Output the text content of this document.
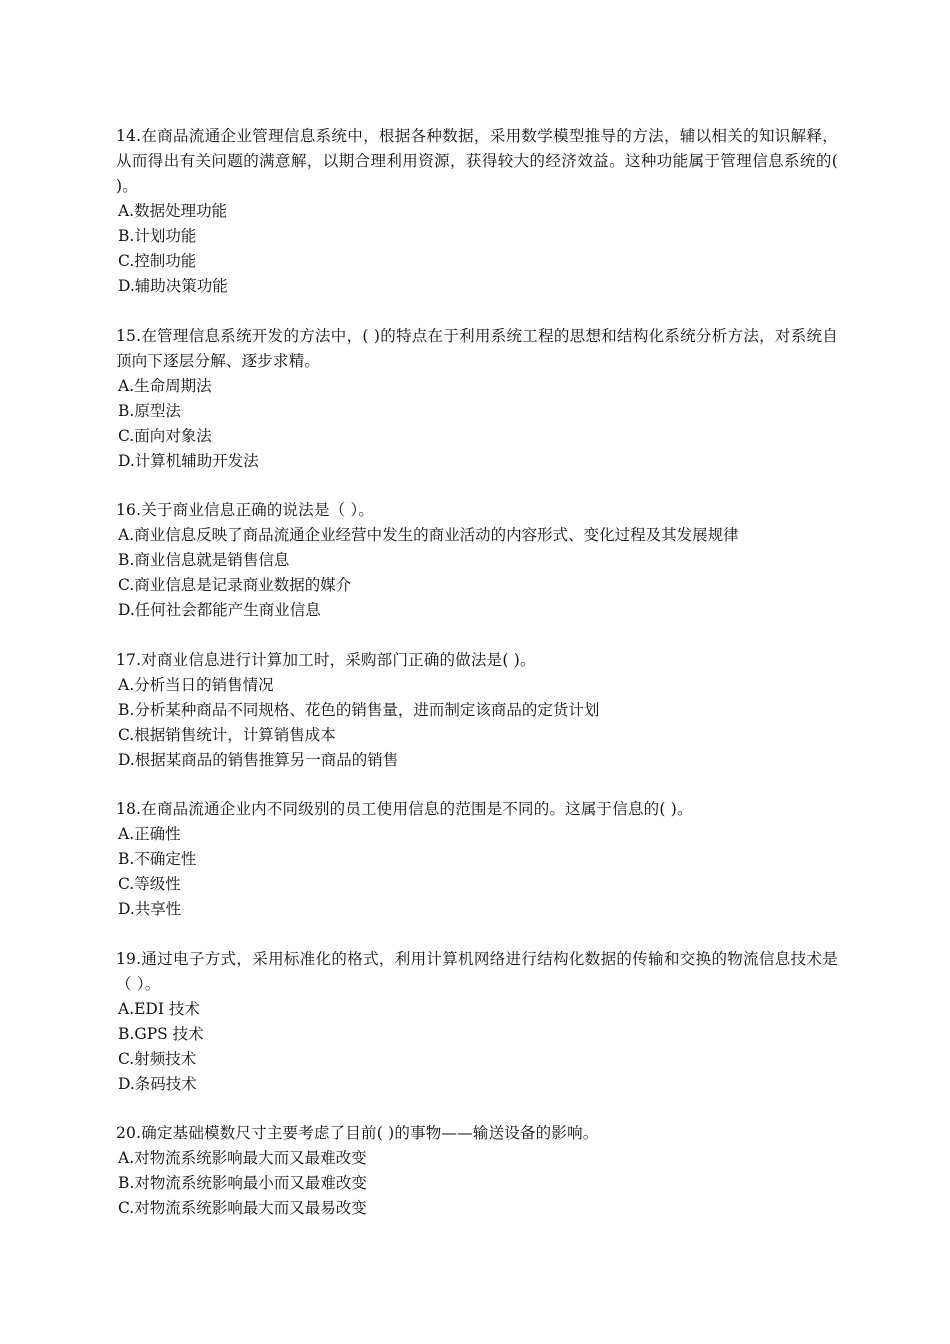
14.在商品流通企业管理信息系统中，根据各种数据，采用数学模型推导的方法，辅以相关的知识解释，从而得出有关问题的满意解，以期合理利用资源，获得较大的经济效益。这种功能属于管理信息系统的( )。

A.数据处理功能

B.计划功能

C.控制功能

D.辅助决策功能

15.在管理信息系统开发的方法中，( )的特点在于利用系统工程的思想和结构化系统分析方法，对系统自顶向下逐层分解、逐步求精。

A.生命周期法

B.原型法

C.面向对象法

D.计算机辅助开发法

16.关于商业信息正确的说法是（ ）。

A.商业信息反映了商品流通企业经营中发生的商业活动的内容形式、变化过程及其发展规律

B.商业信息就是销售信息

C.商业信息是记录商业数据的媒介

D.任何社会都能产生商业信息

17.对商业信息进行计算加工时，采购部门正确的做法是( )。

A.分析当日的销售情况

B.分析某种商品不同规格、花色的销售量，进而制定该商品的定货计划

C.根据销售统计，计算销售成本

D.根据某商品的销售推算另一商品的销售

18.在商品流通企业内不同级别的员工使用信息的范围是不同的。这属于信息的( )。

A.正确性

B.不确定性

C.等级性

D.共享性

19.通过电子方式，采用标准化的格式，利用计算机网络进行结构化数据的传输和交换的物流信息技术是（ ）。

A.EDI 技术

B.GPS 技术

C.射频技术

D.条码技术

20.确定基础模数尺寸主要考虑了目前( )的事物——输送设备的影响。

A.对物流系统影响最大而又最难改变

B.对物流系统影响最小而又最难改变

C.对物流系统影响最大而又最易改变
